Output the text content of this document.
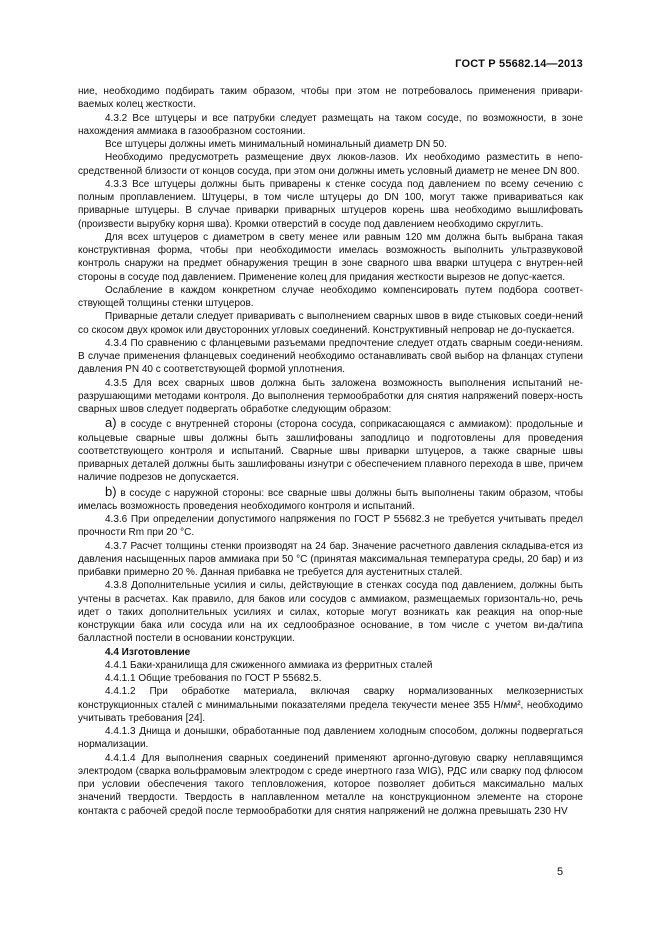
ГОСТ Р 55682.14—2013

ние, необходимо подбирать таким образом, чтобы при этом не потребовалось применения привари-ваемых колец жесткости.

4.3.2 Все штуцеры и все патрубки следует размещать на таком сосуде, по возможности, в зоне нахождения аммиака в газообразном состоянии.

Все штуцеры должны иметь минимальный номинальный диаметр DN 50.

Необходимо предусмотреть размещение двух люков-лазов. Их необходимо разместить в непо-средственной близости от концов сосуда, при этом они должны иметь условный диаметр не менее DN 800.

4.3.3 Все штуцеры должны быть приварены к стенке сосуда под давлением по всему сечению с полным проплавлением. Штуцеры, в том числе штуцеры до DN 100, могут также привариваться как приварные штуцеры. В случае приварки приварных штуцеров корень шва необходимо вышлифовать (произвести вырубку корня шва). Кромки отверстий в сосуде под давлением необходимо скруглить.

Для всех штуцеров с диаметром в свету менее или равным 120 мм должна быть выбрана такая конструктивная форма, чтобы при необходимости имелась возможность выполнить ультразвуковой контроль снаружи на предмет обнаружения трещин в зоне сварного шва вварки штуцера с внутрен-ней стороны в сосуде под давлением. Применение колец для придания жесткости вырезов не допус-кается.

Ослабление в каждом конкретном случае необходимо компенсировать путем подбора соответ-ствующей толщины стенки штуцеров.

Приварные детали следует приваривать с выполнением сварных швов в виде стыковых соеди-нений со скосом двух кромок или двусторонних угловых соединений. Конструктивный непровар не до-пускается.

4.3.4 По сравнению с фланцевыми разъемами предпочтение следует отдать сварным соеди-нениям. В случае применения фланцевых соединений необходимо останавливать свой выбор на фланцах ступени давления PN 40 с соответствующей формой уплотнения.

4.3.5 Для всех сварных швов должна быть заложена возможность выполнения испытаний не-разрушающими методами контроля. До выполнения термообработки для снятия напряжений поверх-ность сварных швов следует подвергать обработке следующим образом:

a) в сосуде с внутренней стороны (сторона сосуда, соприкасающаяся с аммиаком): продольные и кольцевые сварные швы должны быть зашлифованы заподлицо и подготовлены для проведения соответствующего контроля и испытаний. Сварные швы приварки штуцеров, а также сварные швы приварных деталей должны быть зашлифованы изнутри с обеспечением плавного перехода в шве, причем наличие подрезов не допускается.

b) в сосуде с наружной стороны: все сварные швы должны быть выполнены таким образом, чтобы имелась возможность проведения необходимого контроля и испытаний.

4.3.6 При определении допустимого напряжения по ГОСТ Р 55682.3 не требуется учитывать предел прочности Rm при 20 °C.

4.3.7 Расчет толщины стенки производят на 24 бар. Значение расчетного давления складыва-ется из давления насыщенных паров аммиака при 50 °C (принятая максимальная температура среды, 20 бар) и из прибавки примерно 20 %. Данная прибавка не требуется для аустенитных сталей.

4.3.8 Дополнительные усилия и силы, действующие в стенках сосуда под давлением, должны быть учтены в расчетах. Как правило, для баков или сосудов с аммиаком, размещаемых горизонталь-но, речь идет о таких дополнительных усилиях и силах, которые могут возникать как реакция на опор-ные конструкции бака или сосуда или на их седлообразное основание, в том числе с учетом ви-да/типа балластной постели в основании конструкции.

4.4 Изготовление

4.4.1 Баки-хранилища для сжиженного аммиака из ферритных сталей

4.4.1.1 Общие требования по ГОСТ Р 55682.5.

4.4.1.2 При обработке материала, включая сварку нормализованных мелкозернистых конструкционных сталей с минимальными показателями предела текучести менее 355 Н/мм², необходимо учитывать требования [24].

4.4.1.3 Днища и донышки, обработанные под давлением холодным способом, должны подвергаться нормализации.

4.4.1.4 Для выполнения сварных соединений применяют аргонно-дуговую сварку неплавящимся электродом (сварка вольфрамовым электродом с среде инертного газа WIG), РДС или сварку под флюсом при условии обеспечения такого тепловложения, которое позволяет добиться максимально малых значений твердости. Твердость в наплавленном металле на конструкционном элементе на стороне контакта с рабочей средой после термообработки для снятия напряжений не должна превышать 230 HV

5
